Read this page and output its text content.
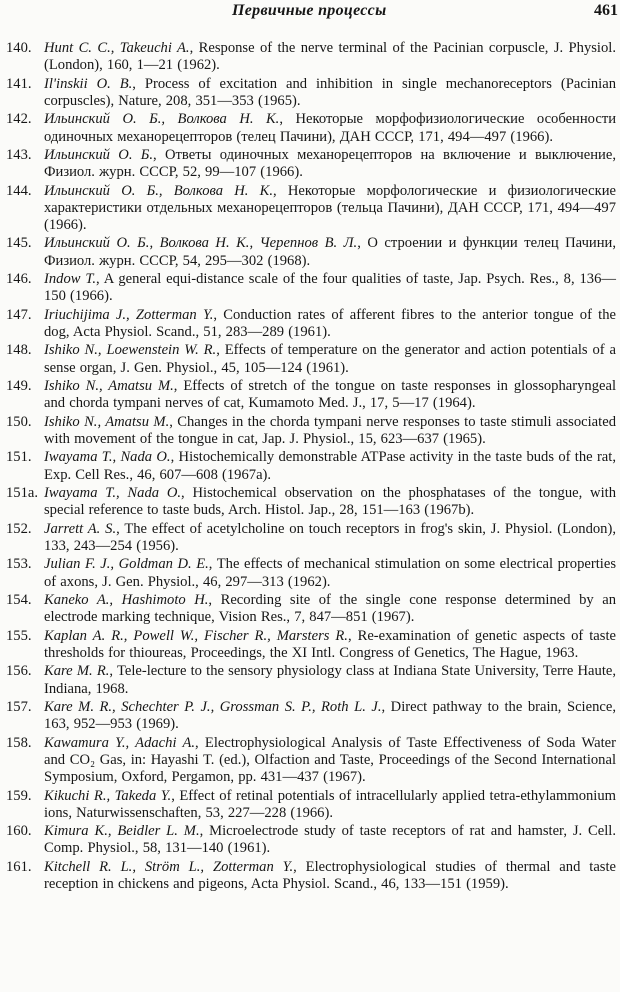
Первичные процессы	461
140. Hunt C. C., Takeuchi A., Response of the nerve terminal of the Pacinian corpuscle, J. Physiol. (London), 160, 1—21 (1962).
141. Il'inskii O. B., Process of excitation and inhibition in single mechanoreceptors (Pacinian corpuscles), Nature, 208, 351—353 (1965).
142. Ильинский О. Б., Волкова Н. К., Некоторые морфофизиологические особенности одиночных механорецепторов (телец Пачини), ДАН СССР, 171, 494—497 (1966).
143. Ильинский О. Б., Ответы одиночных механорецепторов на включение и выключение, Физиол. журн. СССР, 52, 99—107 (1966).
144. Ильинский О. Б., Волкова Н. К., Некоторые морфологические и физиологические характеристики отдельных механорецепторов (тельца Пачини), ДАН СССР, 171, 494—497 (1966).
145. Ильинский О. Б., Волкова Н. К., Черепнов В. Л., О строении и функции телец Пачини, Физиол. журн. СССР, 54, 295—302 (1968).
146. Indow T., A general equi-distance scale of the four qualities of taste, Jap. Psych. Res., 8, 136—150 (1966).
147. Iriuchijima J., Zotterman Y., Conduction rates of afferent fibres to the anterior tongue of the dog, Acta Physiol. Scand., 51, 283—289 (1961).
148. Ishiko N., Loewenstein W. R., Effects of temperature on the generator and action potentials of a sense organ, J. Gen. Physiol., 45, 105—124 (1961).
149. Ishiko N., Amatsu M., Effects of stretch of the tongue on taste responses in glossopharyngeal and chorda tympani nerves of cat, Kumamoto Med. J., 17, 5—17 (1964).
150. Ishiko N., Amatsu M., Changes in the chorda tympani nerve responses to taste stimuli associated with movement of the tongue in cat, Jap. J. Physiol., 15, 623—637 (1965).
151. Iwayama T., Nada O., Histochemically demonstrable ATPase activity in the taste buds of the rat, Exp. Cell Res., 46, 607—608 (1967a).
151a. Iwayama T., Nada O., Histochemical observation on the phosphatases of the tongue, with special reference to taste buds, Arch. Histol. Jap., 28, 151—163 (1967b).
152. Jarrett A. S., The effect of acetylcholine on touch receptors in frog's skin, J. Physiol. (London), 133, 243—254 (1956).
153. Julian F. J., Goldman D. E., The effects of mechanical stimulation on some electrical properties of axons, J. Gen. Physiol., 46, 297—313 (1962).
154. Kaneko A., Hashimoto H., Recording site of the single cone response determined by an electrode marking technique, Vision Res., 7, 847—851 (1967).
155. Kaplan A. R., Powell W., Fischer R., Marsters R., Re-examination of genetic aspects of taste thresholds for thioureas, Proceedings, the XI Intl. Congress of Genetics, The Hague, 1963.
156. Kare M. R., Tele-lecture to the sensory physiology class at Indiana State University, Terre Haute, Indiana, 1968.
157. Kare M. R., Schechter P. J., Grossman S. P., Roth L. J., Direct pathway to the brain, Science, 163, 952—953 (1969).
158. Kawamura Y., Adachi A., Electrophysiological Analysis of Taste Effectiveness of Soda Water and CO₂ Gas, in: Hayashi T. (ed.), Olfaction and Taste, Proceedings of the Second International Symposium, Oxford, Pergamon, pp. 431—437 (1967).
159. Kikuchi R., Takeda Y., Effect of retinal potentials of intracellularly applied tetra-ethylammonium ions, Naturwissenschaften, 53, 227—228 (1966).
160. Kimura K., Beidler L. M., Microelectrode study of taste receptors of rat and hamster, J. Cell. Comp. Physiol., 58, 131—140 (1961).
161. Kitchell R. L., Ström L., Zotterman Y., Electrophysiological studies of thermal and taste reception in chickens and pigeons, Acta Physiol. Scand., 46, 133—151 (1959).
